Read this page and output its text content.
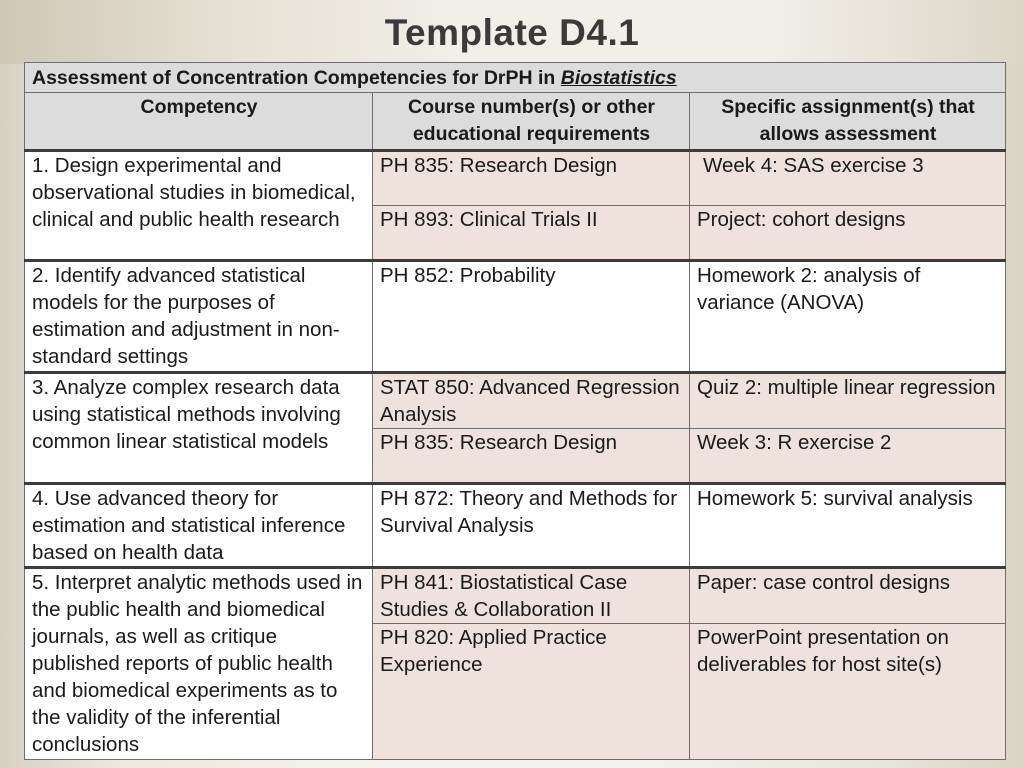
Template D4.1
Assessment of Concentration Competencies for DrPH in Biostatistics		
Competency	Course number(s) or other educational requirements	Specific assignment(s) that allows assessment
1. Design experimental and observational studies in biomedical, clinical and public health research	PH 835: Research Design	Week 4: SAS exercise 3
	PH 893: Clinical Trials II	Project: cohort designs
2. Identify advanced statistical models for the purposes of estimation and adjustment in non-standard settings	PH 852: Probability	Homework 2: analysis of variance (ANOVA)
3. Analyze complex research data using statistical methods involving common linear statistical models	STAT 850: Advanced Regression Analysis	Quiz 2: multiple linear regression
	PH 835: Research Design	Week 3: R exercise 2
4. Use advanced theory for estimation and statistical inference based on health data	PH 872: Theory and Methods for Survival Analysis	Homework 5: survival analysis
5. Interpret analytic methods used in the public health and biomedical journals, as well as critique published reports of public health and biomedical experiments as to the validity of the inferential conclusions	PH 841: Biostatistical Case Studies & Collaboration II	Paper: case control designs
	PH 820: Applied Practice Experience	PowerPoint presentation on deliverables for host site(s)
